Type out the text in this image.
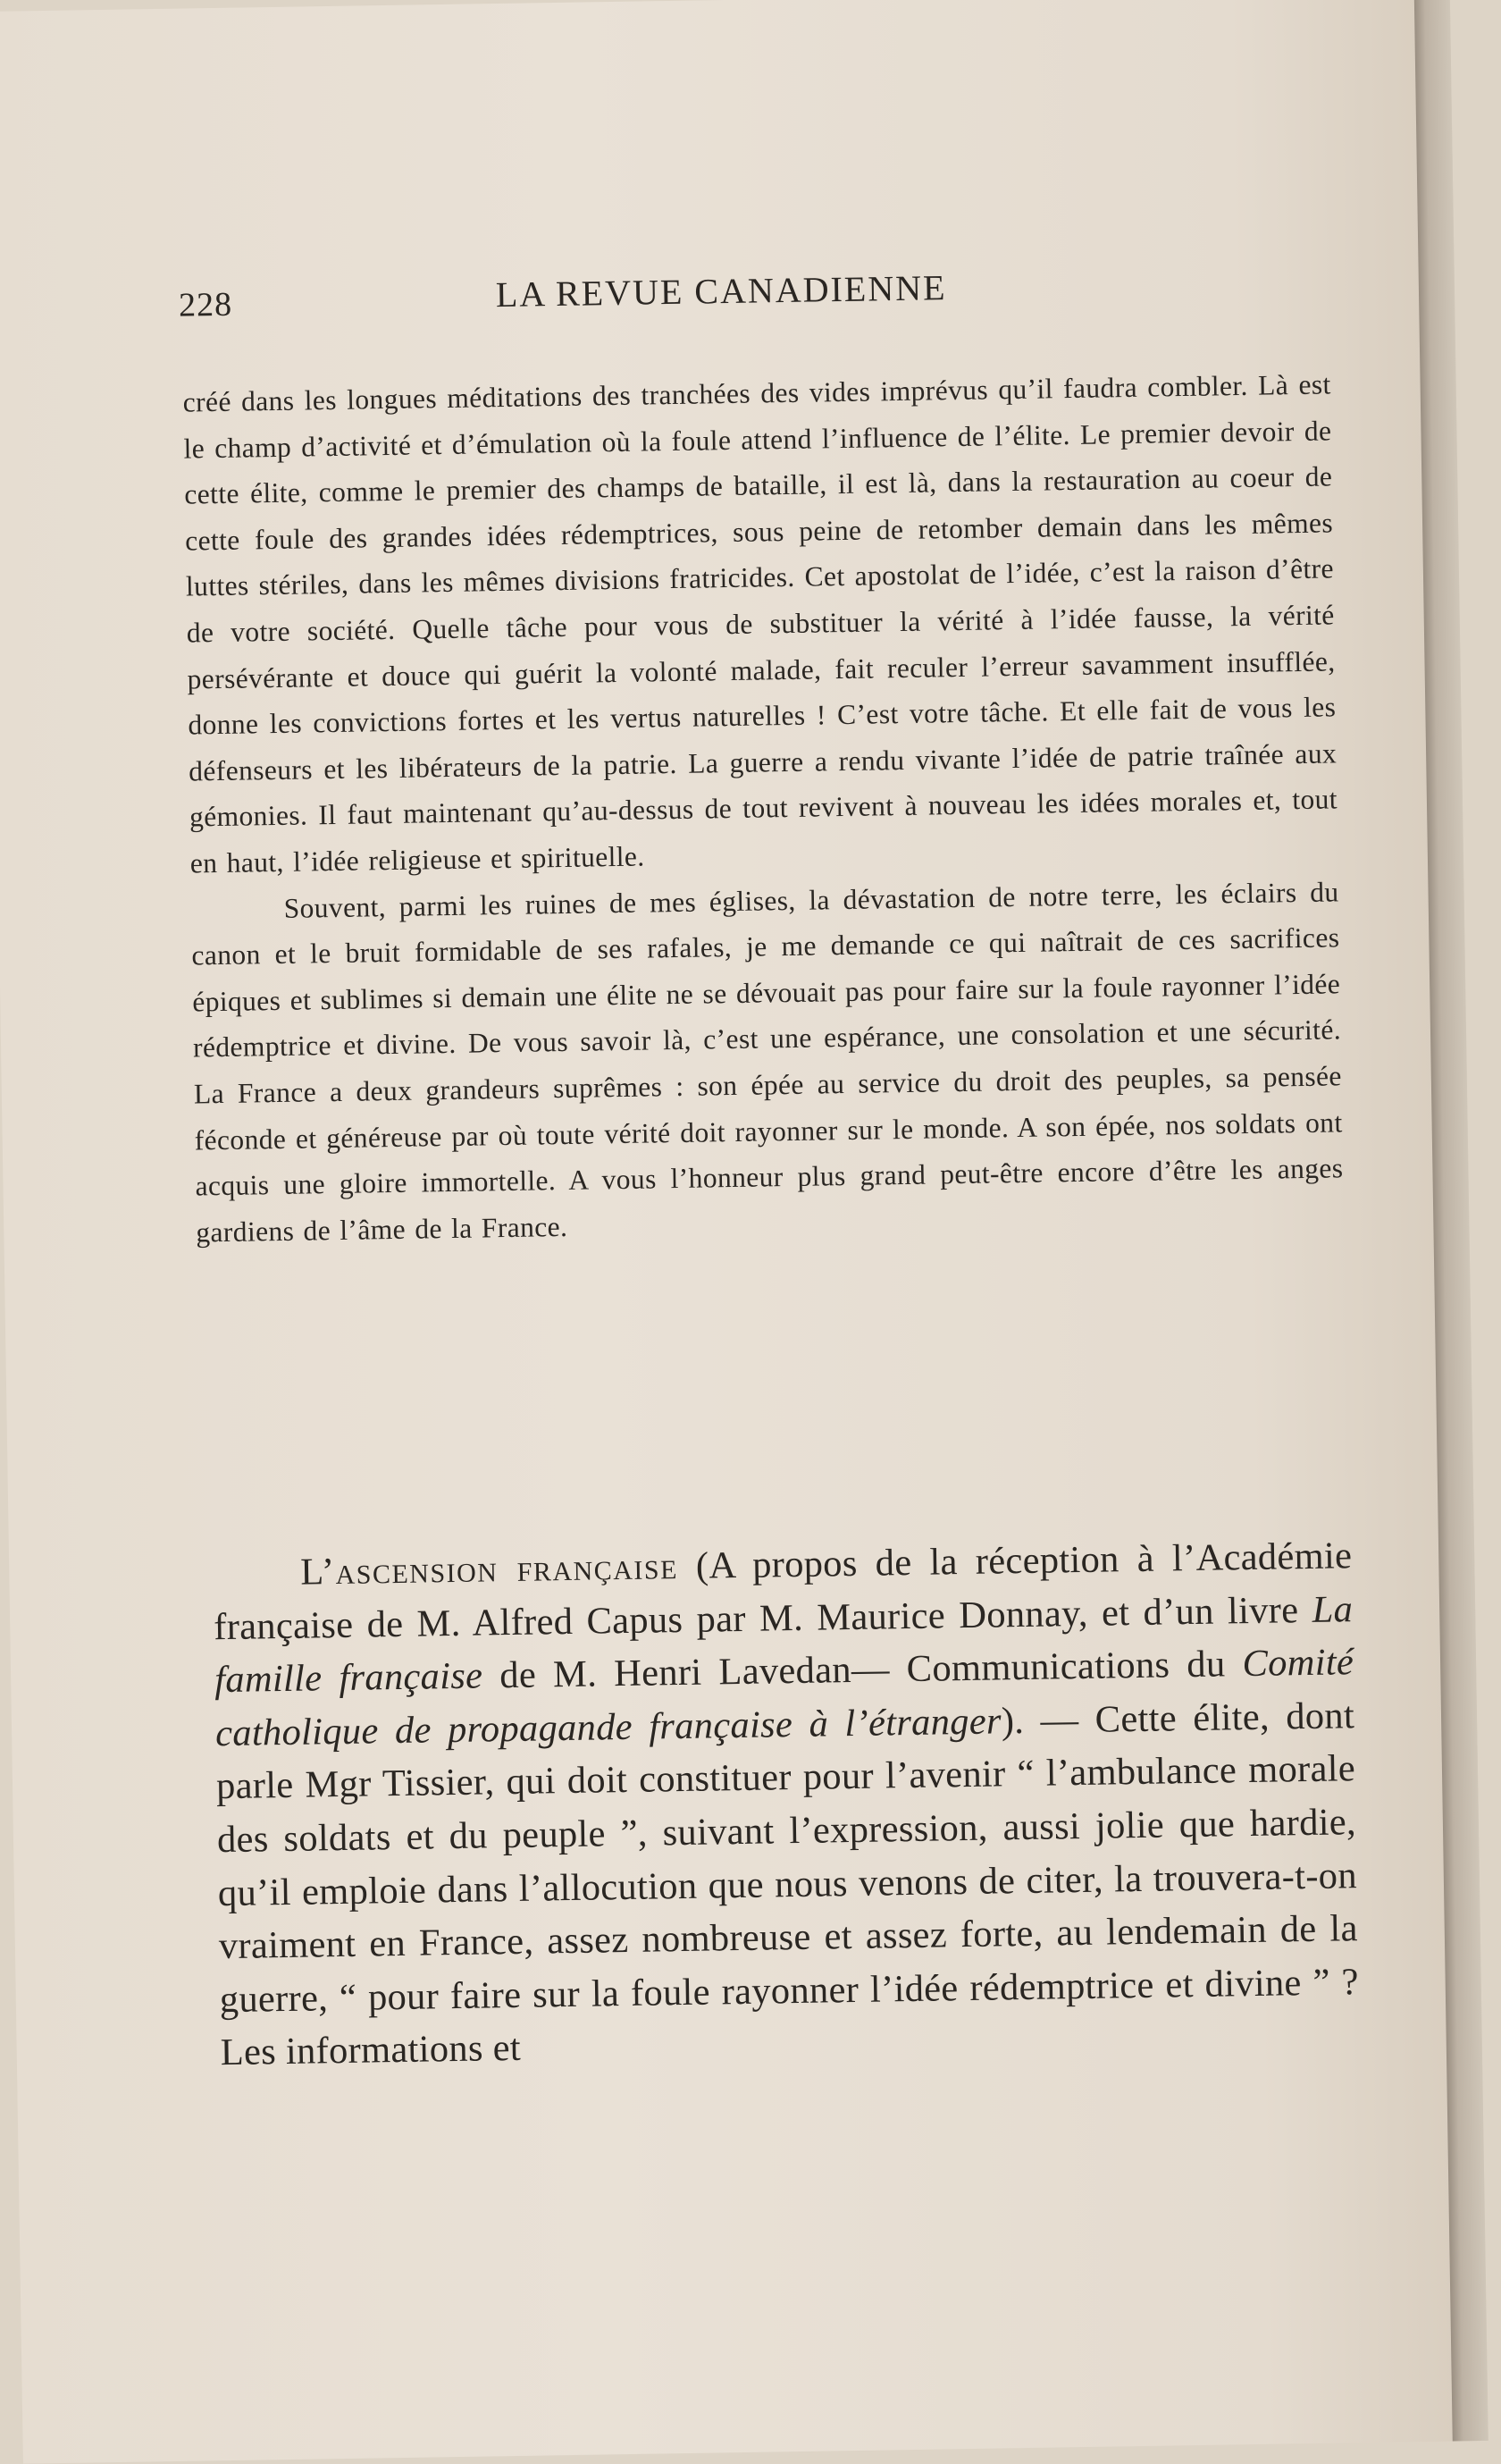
228	LA REVUE CANADIENNE

créé dans les longues méditations des tranchées des vides imprévus qu’il faudra combler. Là est le champ d’activité et d’émulation où la foule attend l’influence de l’élite. Le premier devoir de cette élite, comme le premier des champs de bataille, il est là, dans la restauration au coeur de cette foule des grandes idées rédemptrices, sous peine de retomber demain dans les mêmes luttes stériles, dans les mêmes divisions fratricides. Cet apostolat de l’idée, c’est la raison d’être de votre société. Quelle tâche pour vous de substituer la vérité à l’idée fausse, la vérité persévérante et douce qui guérit la volonté malade, fait reculer l’erreur savamment insufflée, donne les convictions fortes et les vertus naturelles ! C’est votre tâche. Et elle fait de vous les défenseurs et les libérateurs de la patrie. La guerre a rendu vivante l’idée de patrie traînée aux gémonies. Il faut maintenant qu’au-dessus de tout revivent à nouveau les idées morales et, tout en haut, l’idée religieuse et spirituelle.

Souvent, parmi les ruines de mes églises, la dévastation de notre terre, les éclairs du canon et le bruit formidable de ses rafales, je me demande ce qui naîtrait de ces sacrifices épiques et sublimes si demain une élite ne se dévouait pas pour faire sur la foule rayonner l’idée rédemptrice et divine. De vous savoir là, c’est une espérance, une consolation et une sécurité. La France a deux grandeurs suprêmes : son épée au service du droit des peuples, sa pensée féconde et généreuse par où toute vérité doit rayonner sur le monde. A son épée, nos soldats ont acquis une gloire immortelle. A vous l’honneur plus grand peut-être encore d’être les anges gardiens de l’âme de la France.

L’ascension française (A propos de la réception à l’Académie française de M. Alfred Capus par M. Maurice Donnay, et d’un livre La famille française de M. Henri Lavedan— Communications du Comité catholique de propagande française à l’étranger). — Cette élite, dont parle Mgr Tissier, qui doit constituer pour l’avenir “ l’ambulance morale des soldats et du peuple ”, suivant l’expression, aussi jolie que hardie, qu’il emploie dans l’allocution que nous venons de citer, la trouvera-t-on vraiment en France, assez nombreuse et assez forte, au lendemain de la guerre, “ pour faire sur la foule rayonner l’idée rédemptrice et divine ” ? Les informations et
